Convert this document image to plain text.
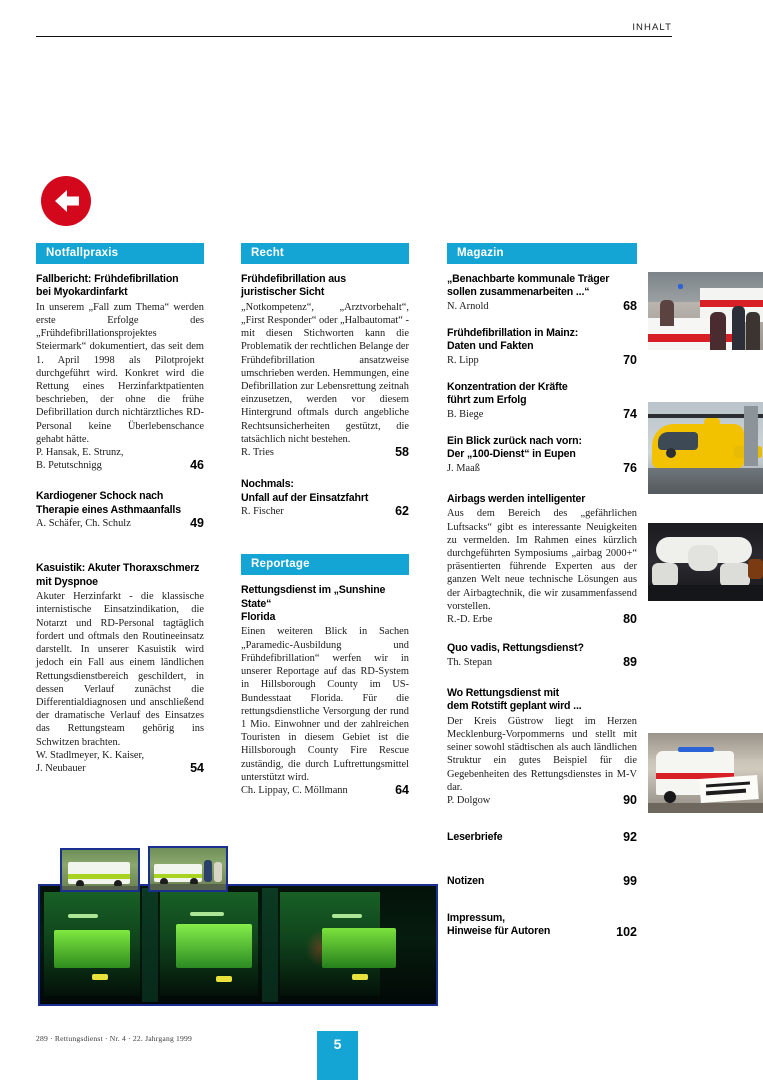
INHALT
Notfallpraxis
Fallbericht: Frühdefibrillation
bei Myokardinfarkt
In unserem „Fall zum Thema“ werden erste Erfolge des „Frühdefibrillationsprojektes Steiermark“ dokumentiert, das seit dem 1. April 1998 als Pilotprojekt durchgeführt wird. Konkret wird die Rettung eines Herzinfarktpatienten beschrieben, der ohne die frühe Defibrillation durch nichtärztliches RD-Personal keine Überlebenschance gehabt hätte.
P. Hansak, E. Strunz,
B. Petutschnigg	46
Kardiogener Schock nach
Therapie eines Asthmaanfalls
A. Schäfer, Ch. Schulz	49
Kasuistik: Akuter Thoraxschmerz
mit Dyspnoe
Akuter Herzinfarkt - die klassische internistische Einsatzindikation, die Notarzt und RD-Personal tagtäglich fordert und oftmals den Routineeinsatz darstellt. In unserer Kasuistik wird jedoch ein Fall aus einem ländlichen Rettungsdienstbereich geschildert, in dessen Verlauf zunächst die Differentialdiagnosen und anschließend der dramatische Verlauf des Einsatzes das Rettungsteam gehörig ins Schwitzen brachten.
W. Stadlmeyer, K. Kaiser,
J. Neubauer	54
Recht
Frühdefibrillation aus
juristischer Sicht
„Notkompetenz“, „Arztvorbehalt“, „First Responder“ oder „Halbautomat“ - mit diesen Stichworten kann die Problematik der rechtlichen Belange der Frühdefibrillation ansatzweise umschrieben werden. Hemmungen, eine Defibrillation zur Lebensrettung zeitnah einzusetzen, werden vor diesem Hintergrund oftmals durch angebliche Rechtsunsicherheiten gestützt, die tatsächlich nicht bestehen.
R. Tries	58
Nochmals:
Unfall auf der Einsatzfahrt
R. Fischer	62
Reportage
Rettungsdienst im „Sunshine State“
Florida
Einen weiteren Blick in Sachen „Paramedic-Ausbildung und Frühdefibrillation“ werfen wir in unserer Reportage auf das RD-System in Hillsborough County im US-Bundesstaat Florida. Für die rettungsdienstliche Versorgung der rund 1 Mio. Einwohner und der zahlreichen Touristen in diesem Gebiet ist die Hillsborough County Fire Rescue zuständig, die durch Luftrettungsmittel unterstützt wird.
Ch. Lippay, C. Möllmann	64
Magazin
„Benachbarte kommunale Träger
sollen zusammenarbeiten ...“
N. Arnold	68
Frühdefibrillation in Mainz:
Daten und Fakten
R. Lipp	70
Konzentration der Kräfte
führt zum Erfolg
B. Biege	74
Ein Blick zurück nach vorn:
Der „100-Dienst“ in Eupen
J. Maaß	76
Airbags werden intelligenter
Aus dem Bereich des „gefährlichen Luftsacks“ gibt es interessante Neuigkeiten zu vermelden. Im Rahmen eines kürzlich durchgeführten Symposiums „airbag 2000+“ präsentierten führende Experten aus der ganzen Welt neue technische Lösungen aus der Airbagtechnik, die wir zusammenfassend vorstellen.
R.-D. Erbe	80
Quo vadis, Rettungsdienst?
Th. Stepan	89
Wo Rettungsdienst mit
dem Rotstift geplant wird ...
Der Kreis Güstrow liegt im Herzen Mecklenburg-Vorpommerns und stellt mit seiner sowohl städtischen als auch ländlichen Struktur ein gutes Beispiel für die Gegebenheiten des Rettungsdienstes in M-V dar.
P. Dolgow	90
Leserbriefe	92
Notizen	99
Impressum,
Hinweise für Autoren	102
289 · Rettungsdienst · Nr. 4 · 22. Jahrgang 1999	5
